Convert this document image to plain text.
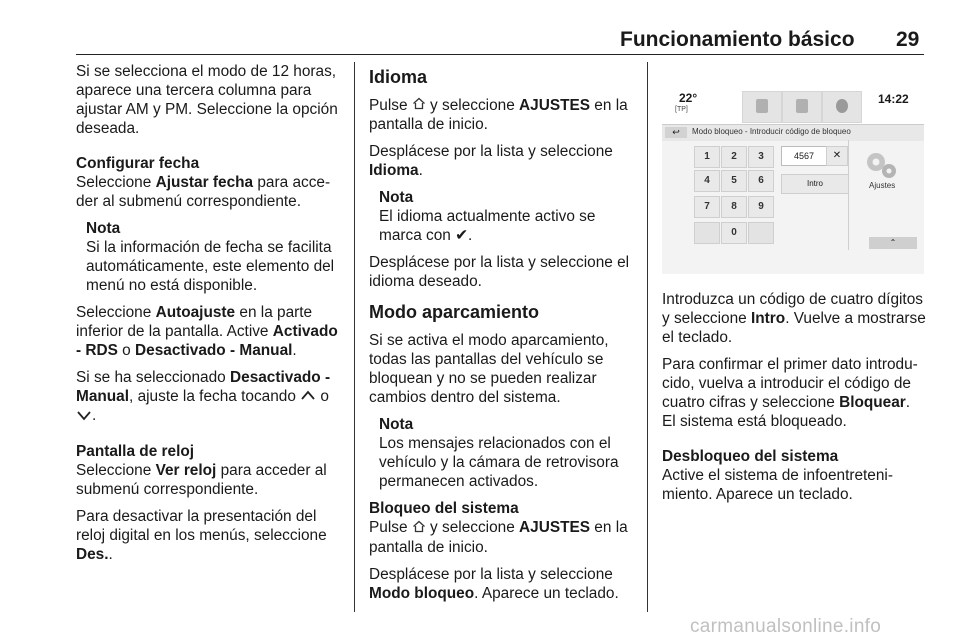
Funcionamiento básico 29

Si se selecciona el modo de 12 horas, aparece una tercera columna para ajustar AM y PM. Seleccione la opción deseada.

Configurar fecha

Seleccione Ajustar fecha para acceder al submenú correspondiente.

Nota

Si la información de fecha se facilita automáticamente, este elemento del menú no está disponible.

Seleccione Autoajuste en la parte inferior de la pantalla. Active Activado - RDS o Desactivado - Manual.

Si se ha seleccionado Desactivado - Manual, ajuste la fecha tocando  o
.

Pantalla de reloj

Seleccione Ver reloj para acceder al submenú correspondiente.

Para desactivar la presentación del reloj digital en los menús, seleccione Des..

Idioma

Pulse  y seleccione AJUSTES en la pantalla de inicio.

Desplácese por la lista y seleccione Idioma.

Nota

El idioma actualmente activo se marca con ✔.

Desplácese por la lista y seleccione el idioma deseado.

Modo aparcamiento

Si se activa el modo aparcamiento, todas las pantallas del vehículo se bloquean y no se pueden realizar cambios dentro del sistema.

Nota

Los mensajes relacionados con el vehículo y la cámara de retrovisora permanecen activados.

Bloqueo del sistema

Pulse  y seleccione AJUSTES en la pantalla de inicio.

Desplácese por la lista y seleccione Modo bloqueo. Aparece un teclado.

22°
[TP]
14:22
↩	Modo bloqueo - Introducir código de bloqueo
1	2	3
4	5	6
7	8	9
0
4567	✕
Intro	Ajustes
⌃

Introduzca un código de cuatro dígitos y seleccione Intro. Vuelve a mostrarse el teclado.

Para confirmar el primer dato introducido, vuelva a introducir el código de cuatro cifras y seleccione Bloquear. El sistema está bloqueado.

Desbloqueo del sistema

Active el sistema de infoentretenimiento. Aparece un teclado.

carmanualsonline.info
